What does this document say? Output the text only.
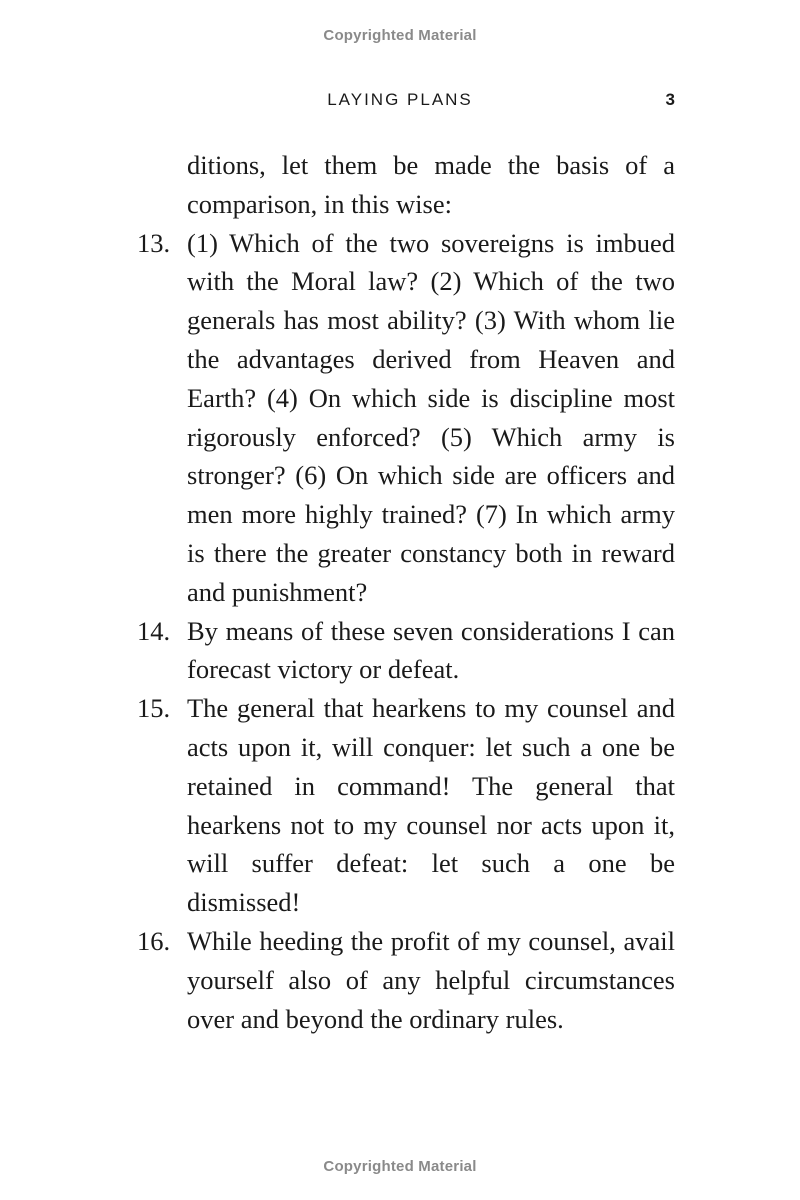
Copyrighted Material
LAYING PLANS	3

ditions, let them be made the basis of a comparison, in this wise:

13. (1) Which of the two sovereigns is imbued with the Moral law? (2) Which of the two generals has most ability? (3) With whom lie the advantages derived from Heaven and Earth? (4) On which side is discipline most rigorously enforced? (5) Which army is stronger? (6) On which side are officers and men more highly trained? (7) In which army is there the greater constancy both in reward and punishment?

14. By means of these seven considerations I can forecast victory or defeat.

15. The general that hearkens to my counsel and acts upon it, will conquer: let such a one be retained in command! The general that hearkens not to my counsel nor acts upon it, will suffer defeat: let such a one be dismissed!

16. While heeding the profit of my counsel, avail yourself also of any helpful circumstances over and beyond the ordinary rules.

Copyrighted Material
